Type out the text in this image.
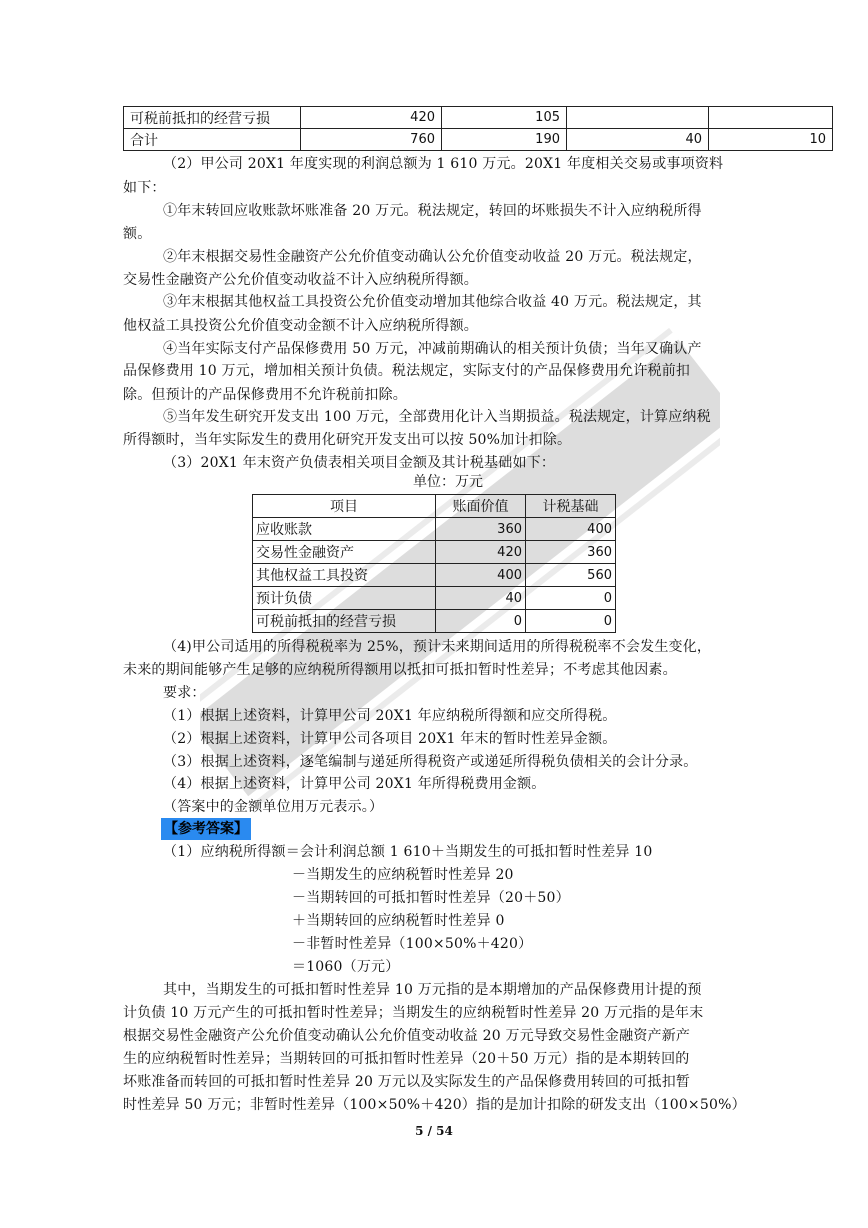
可税前抵扣的经营亏损	420	105		
合计	760	190	40	10
（2）甲公司 20X1 年度实现的利润总额为 1 610 万元。20X1 年度相关交易或事项资料
如下：
①年末转回应收账款坏账准备 20 万元。税法规定，转回的坏账损失不计入应纳税所得
额。
②年末根据交易性金融资产公允价值变动确认公允价值变动收益 20 万元。税法规定，
交易性金融资产公允价值变动收益不计入应纳税所得额。
③年末根据其他权益工具投资公允价值变动增加其他综合收益 40 万元。税法规定，其
他权益工具投资公允价值变动金额不计入应纳税所得额。
④当年实际支付产品保修费用 50 万元，冲减前期确认的相关预计负债；当年又确认产
品保修费用 10 万元，增加相关预计负债。税法规定，实际支付的产品保修费用允许税前扣
除。但预计的产品保修费用不允许税前扣除。
⑤当年发生研究开发支出 100 万元，全部费用化计入当期损益。税法规定，计算应纳税
所得额时，当年实际发生的费用化研究开发支出可以按 50%加计扣除。
（3）20X1 年末资产负债表相关项目金额及其计税基础如下：
单位：万元
项目	账面价值	计税基础
应收账款	360	400
交易性金融资产	420	360
其他权益工具投资	400	560
预计负债	40	0
可税前抵扣的经营亏损	0	0
（4)甲公司适用的所得税税率为 25%，预计未来期间适用的所得税税率不会发生变化，
未来的期间能够产生足够的应纳税所得额用以抵扣可抵扣暂时性差异；不考虑其他因素。
要求：
（1）根据上述资料，计算甲公司 20X1 年应纳税所得额和应交所得税。
（2）根据上述资料，计算甲公司各项目 20X1 年末的暂时性差异金额。
（3）根据上述资料，逐笔编制与递延所得税资产或递延所得税负债相关的会计分录。
（4）根据上述资料，计算甲公司 20X1 年所得税费用金额。
（答案中的金额单位用万元表示。）
【参考答案】
（1）应纳税所得额＝会计利润总额 1 610＋当期发生的可抵扣暂时性差异 10
－当期发生的应纳税暂时性差异 20
－当期转回的可抵扣暂时性差异（20＋50）
＋当期转回的应纳税暂时性差异 0
－非暂时性差异（100×50%＋420）
＝1060（万元）
其中，当期发生的可抵扣暂时性差异 10 万元指的是本期增加的产品保修费用计提的预
计负债 10 万元产生的可抵扣暂时性差异；当期发生的应纳税暂时性差异 20 万元指的是年末
根据交易性金融资产公允价值变动确认公允价值变动收益 20 万元导致交易性金融资产新产
生的应纳税暂时性差异；当期转回的可抵扣暂时性差异（20＋50 万元）指的是本期转回的
坏账准备而转回的可抵扣暂时性差异 20 万元以及实际发生的产品保修费用转回的可抵扣暂
时性差异 50 万元；非暂时性差异（100×50%＋420）指的是加计扣除的研发支出（100×50%）
5 / 54
